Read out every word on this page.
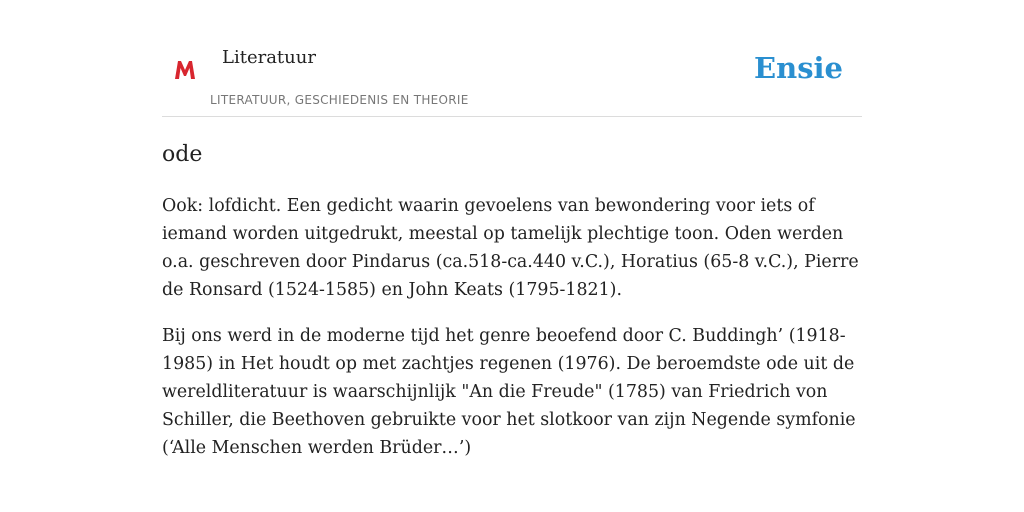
Literatuur
LITERATUUR, GESCHIEDENIS EN THEORIE
Ensie
ode

Ook: lofdicht. Een gedicht waarin gevoelens van bewondering voor iets of iemand worden uitgedrukt, meestal op tamelijk plechtige toon. Oden werden o.a. geschreven door Pindarus (ca.518-ca.440 v.C.), Horatius (65-8 v.C.), Pierre de Ronsard (1524-1585) en John Keats (1795-1821).

Bij ons werd in de moderne tijd het genre beoefend door C. Buddingh’ (1918-1985) in Het houdt op met zachtjes regenen (1976). De beroemdste ode uit de wereldliteratuur is waarschijnlijk "An die Freude" (1785) van Friedrich von Schiller, die Beethoven gebruikte voor het slotkoor van zijn Negende symfonie (‘Alle Menschen werden Brüder…’)
